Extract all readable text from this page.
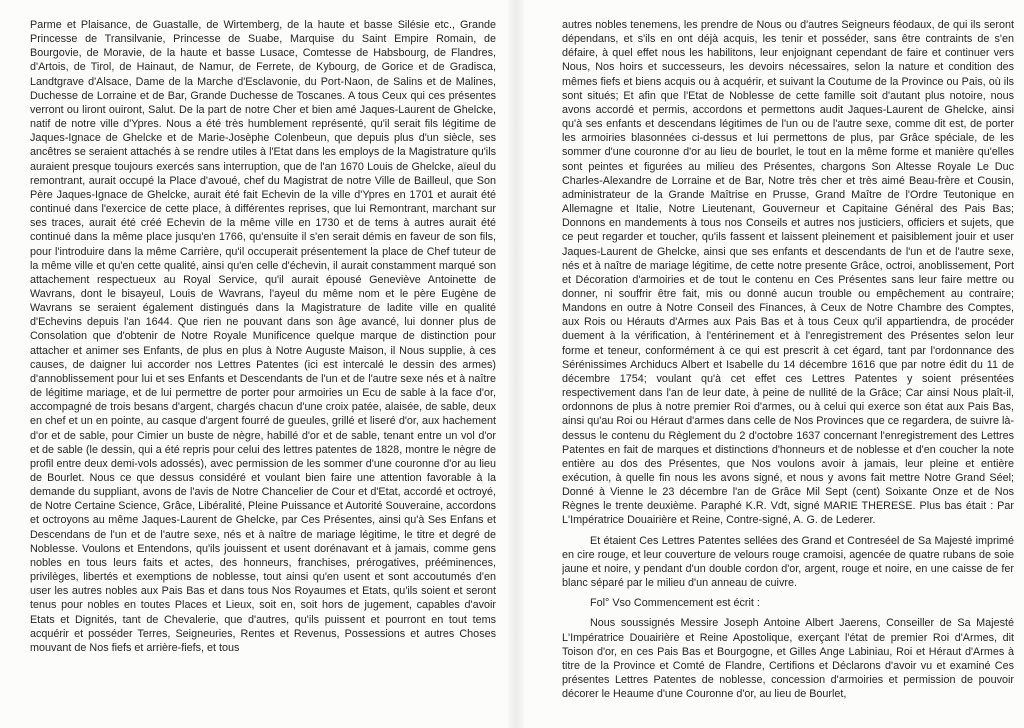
Parme et Plaisance, de Guastalle, de Wirtemberg, de la haute et basse Silésie etc., Grande Princesse de Transilvanie, Princesse de Suabe, Marquise du Saint Empire Romain, de Bourgovie, de Moravie, de la haute et basse Lusace, Comtesse de Habsbourg, de Flandres, d'Artois, de Tirol, de Hainaut, de Namur, de Ferrete, de Kybourg, de Gorice et de Gradisca, Landtgrave d'Alsace, Dame de la Marche d'Esclavonie, du Port-Naon, de Salins et de Malines, Duchesse de Lorraine et de Bar, Grande Duchesse de Toscanes. A tous Ceux qui ces présentes verront ou liront ouiront, Salut. De la part de notre Cher et bien amé Jaques-Laurent de Ghelcke, natif de notre ville d'Ypres. Nous a été très humblement représenté, qu'il serait fils légitime de Jaques-Ignace de Ghelcke et de Marie-Josèphe Colenbeun, que depuis plus d'un siècle, ses ancêtres se seraient attachés à se rendre utiles à l'Etat dans les employs de la Magistrature qu'ils auraient presque toujours exercés sans interruption, que de l'an 1670 Louis de Ghelcke, aïeul du remontrant, aurait occupé la Place d'avoué, chef du Magistrat de notre Ville de Bailleul, que Son Père Jaques-Ignace de Ghelcke, aurait été fait Echevin de la ville d'Ypres en 1701 et aurait été continué dans l'exercice de cette place, à différentes reprises, que lui Remontrant, marchant sur ses traces, aurait été créé Echevin de la même ville en 1730 et de tems à autres aurait été continué dans la même place jusqu'en 1766, qu'ensuite il s'en serait démis en faveur de son fils, pour l'introduire dans la même Carrière, qu'il occuperait présentement la place de Chef tuteur de la même ville et qu'en cette qualité, ainsi qu'en celle d'échevin, il aurait constamment marqué son attachement respectueux au Royal Service, qu'il aurait épousé Geneviève Antoinette de Wavrans, dont le bisayeul, Louis de Wavrans, l'ayeul du même nom et le père Eugène de Wavrans se seraient également distingués dans la Magistrature de ladite ville en qualité d'Echevins depuis l'an 1644. Que rien ne pouvant dans son âge avancé, lui donner plus de Consolation que d'obtenir de Notre Royale Munificence quelque marque de distinction pour attacher et animer ses Enfants, de plus en plus à Notre Auguste Maison, il Nous supplie, à ces causes, de daigner lui accorder nos Lettres Patentes (ici est intercalé le dessin des armes) d'annoblissement pour lui et ses Enfants et Descendants de l'un et de l'autre sexe nés et à naître de légitime mariage, et de lui permettre de porter pour armoiries un Ecu de sable à la face d'or, accompagné de trois besans d'argent, chargés chacun d'une croix patée, alaisée, de sable, deux en chef et un en pointe, au casque d'argent fourré de gueules, grillé et liseré d'or, aux hachement d'or et de sable, pour Cimier un buste de nègre, habillé d'or et de sable, tenant entre un vol d'or et de sable (le dessin, qui a été repris pour celui des lettres patentes de 1828, montre le nègre de profil entre deux demi-vols adossés), avec permission de les sommer d'une couronne d'or au lieu de Bourlet. Nous ce que dessus considéré et voulant bien faire une attention favorable à la demande du suppliant, avons de l'avis de Notre Chancelier de Cour et d'Etat, accordé et octroyé, de Notre Certaine Science, Grâce, Libéralité, Pleine Puissance et Autorité Souveraine, accordons et octroyons au même Jaques-Laurent de Ghelcke, par Ces Présentes, ainsi qu'à Ses Enfans et Descendans de l'un et de l'autre sexe, nés et à naître de mariage légitime, le titre et degré de Noblesse. Voulons et Entendons, qu'ils jouissent et usent dorénavant et à jamais, comme gens nobles en tous leurs faits et actes, des honneurs, franchises, prérogatives, prééminences, privilèges, libertés et exemptions de noblesse, tout ainsi qu'en usent et sont accoutumés d'en user les autres nobles aux Pais Bas et dans tous Nos Royaumes et Etats, qu'ils soient et seront tenus pour nobles en toutes Places et Lieux, soit en, soit hors de jugement, capables d'avoir Etats et Dignités, tant de Chevalerie, que d'autres, qu'ils puissent et pourront en tout tems acquérir et posséder Terres, Seigneuries, Rentes et Revenus, Possessions et autres Choses mouvant de Nos fiefs et arrière-fiefs, et tous

autres nobles tenemens, les prendre de Nous ou d'autres Seigneurs féodaux, de qui ils seront dépendans, et s'ils en ont déjà acquis, les tenir et posséder, sans être contraints de s'en défaire, à quel effet nous les habilitons, leur enjoignant cependant de faire et continuer vers Nous, Nos hoirs et successeurs, les devoirs nécessaires, selon la nature et condition des mêmes fiefs et biens acquis ou à acquérir, et suivant la Coutume de la Province ou Pais, où ils sont situés; Et afin que l'Etat de Noblesse de cette famille soit d'autant plus notoire, nous avons accordé et permis, accordons et permettons audit Jaques-Laurent de Ghelcke, ainsi qu'à ses enfants et descendans légitimes de l'un ou de l'autre sexe, comme dit est, de porter les armoiries blasonnées ci-dessus et lui permettons de plus, par Grâce spéciale, de les sommer d'une couronne d'or au lieu de bourlet, le tout en la même forme et manière qu'elles sont peintes et figurées au milieu des Présentes, chargons Son Altesse Royale Le Duc Charles-Alexandre de Lorraine et de Bar, Notre très cher et très aimé Beau-frère et Cousin, administrateur de la Grande Maîtrise en Prusse, Grand Maître de l'Ordre Teutonique en Allemagne et Italie, Notre Lieutenant, Gouverneur et Capitaine Général des Pais Bas; Donnons en mandements à tous nos Conseils et autres nos justiciers, officiers et sujets, que ce peut regarder et toucher, qu'ils fassent et laissent pleinement et paisiblement jouir et user Jaques-Laurent de Ghelcke, ainsi que ses enfants et descendants de l'un et de l'autre sexe, nés et à naître de mariage légitime, de cette notre presente Grâce, octroi, anoblissement, Port et Décoration d'armoiries et de tout le contenu en Ces Présentes sans leur faire mettre ou donner, ni souffrir être fait, mis ou donné aucun trouble ou empêchement au contraire; Mandons en outre à Notre Conseil des Finances, à Ceux de Notre Chambre des Comptes, aux Rois ou Hérauts d'Armes aux Pais Bas et à tous Ceux qu'il appartiendra, de procéder duement à la vérification, à l'entérinement et à l'enregistrement des Présentes selon leur forme et teneur, conformément à ce qui est prescrit à cet égard, tant par l'ordonnance des Sérénissimes Archiducs Albert et Isabelle du 14 décembre 1616 que par notre édit du 11 de décembre 1754; voulant qu'à cet effet ces Lettres Patentes y soient présentées respectivement dans l'an de leur date, à peine de nullité de la Grâce; Car ainsi Nous plaît-il, ordonnons de plus à notre premier Roi d'armes, ou à celui qui exerce son état aux Pais Bas, ainsi qu'au Roi ou Héraut d'armes dans celle de Nos Provinces que ce regardera, de suivre là-dessus le contenu du Règlement du 2 d'octobre 1637 concernant l'enregistrement des Lettres Patentes en fait de marques et distinctions d'honneurs et de noblesse et d'en coucher la note entière au dos des Présentes, que Nos voulons avoir à jamais, leur pleine et entière exécution, à quelle fin nous les avons signé, et nous y avons fait mettre Notre Grand Séel; Donné à Vienne le 23 décembre l'an de Grâce Mil Sept (cent) Soixante Onze et de Nos Règnes le trente deuxième. Paraphé K.R. Vdt, signé MARIE THERESE. Plus bas était : Par L'Impératrice Douairière et Reine, Contre-signé, A. G. de Lederer.

Et étaient Ces Lettres Patentes sellées des Grand et Contreséel de Sa Majesté imprimé en cire rouge, et leur couverture de velours rouge cramoisi, agencée de quatre rubans de soie jaune et noire, y pendant d'un double cordon d'or, argent, rouge et noire, en une caisse de fer blanc séparé par le milieu d'un anneau de cuivre.

Fol° Vso Commencement est écrit :

Nous soussignés Messire Joseph Antoine Albert Jaerens, Conseiller de Sa Majesté L'Impératrice Douairière et Reine Apostolique, exerçant l'état de premier Roi d'Armes, dit Toison d'or, en ces Pais Bas et Bourgogne, et Gilles Ange Labiniau, Roi et Héraut d'Armes à titre de la Province et Comté de Flandre, Certifions et Déclarons d'avoir vu et examiné Ces présentes Lettres Patentes de noblesse, concession d'armoiries et permission de pouvoir décorer le Heaume d'une Couronne d'or, au lieu de Bourlet,
